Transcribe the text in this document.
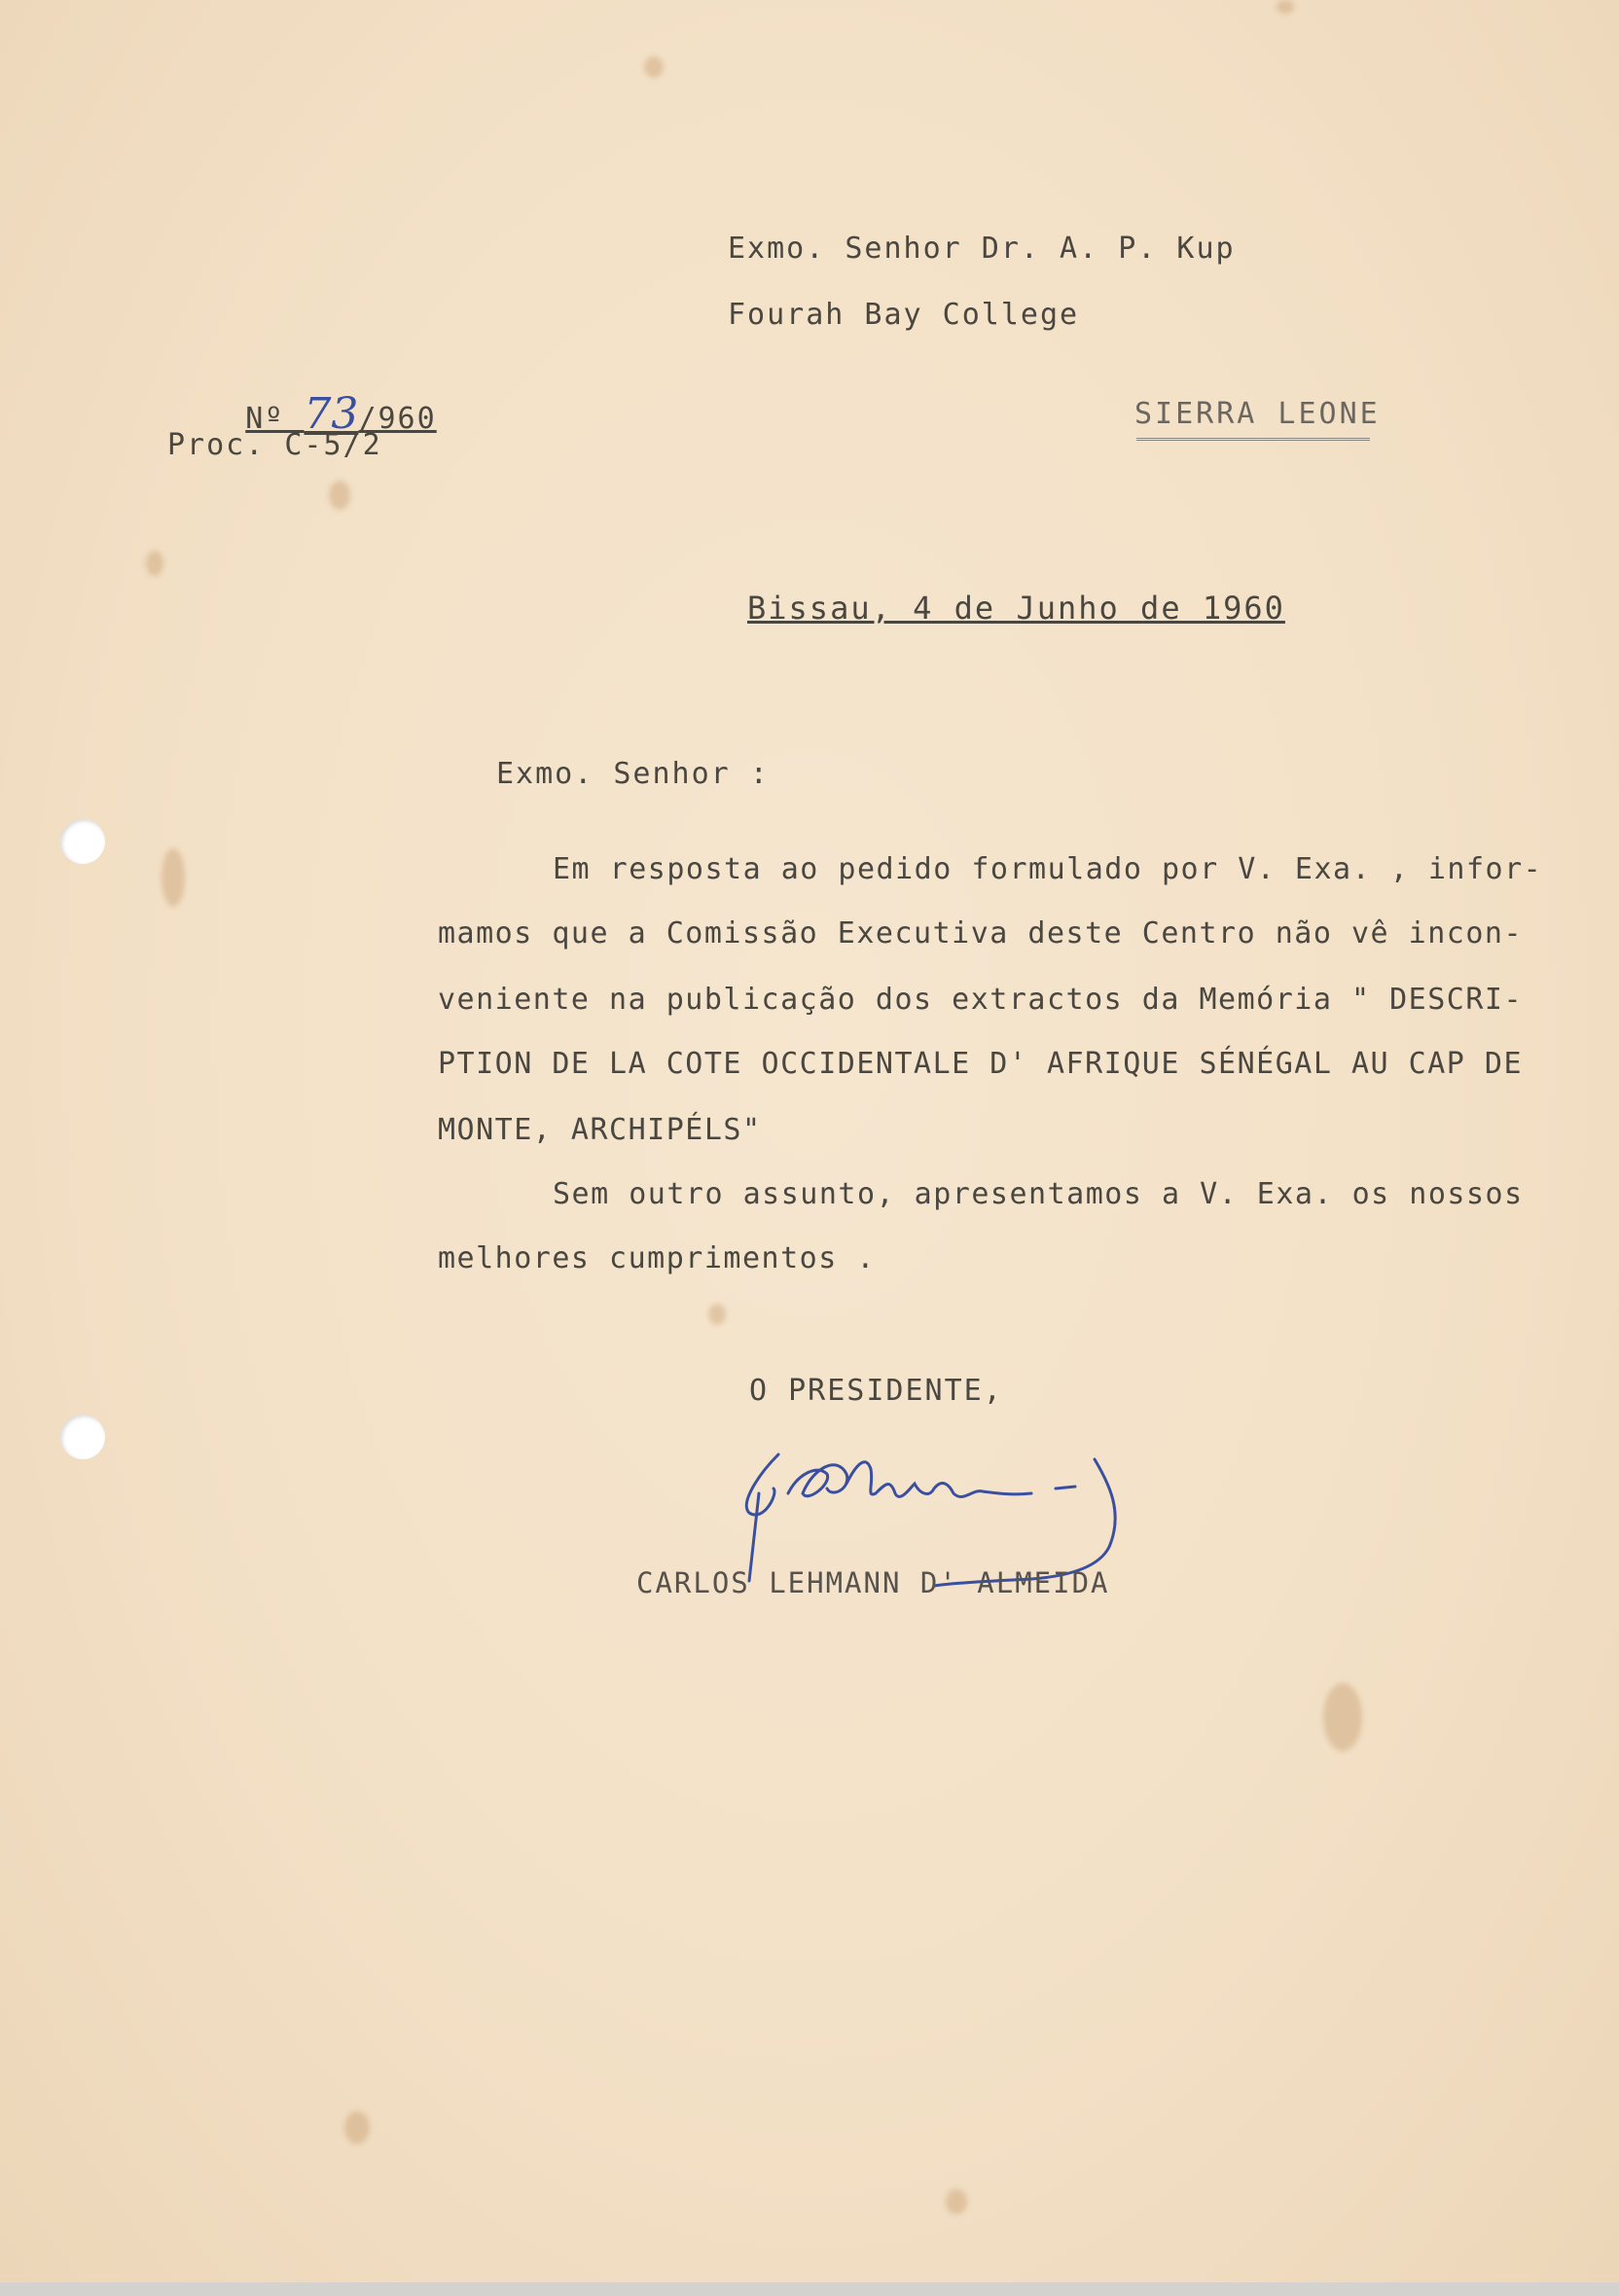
Exmo. Senhor Dr. A. P. Kup
Fourah Bay College
SIERRA LEONE

Nº 73/960

Proc. C-5/2
Bissau, 4 de Junho de 1960
Exmo. Senhor :
Em resposta ao pedido formulado por V. Exa. , infor-
mamos que a Comissão Executiva deste Centro não vê incon-
veniente na publicação dos extractos da Memória " DESCRI-
PTION DE LA COTE OCCIDENTALE D' AFRIQUE SÉNÉGAL AU CAP DE
MONTE, ARCHIPÉLS"
Sem outro assunto, apresentamos a V. Exa. os nossos
melhores cumprimentos .
O PRESIDENTE,
CARLOS LEHMANN D' ALMEIDA
